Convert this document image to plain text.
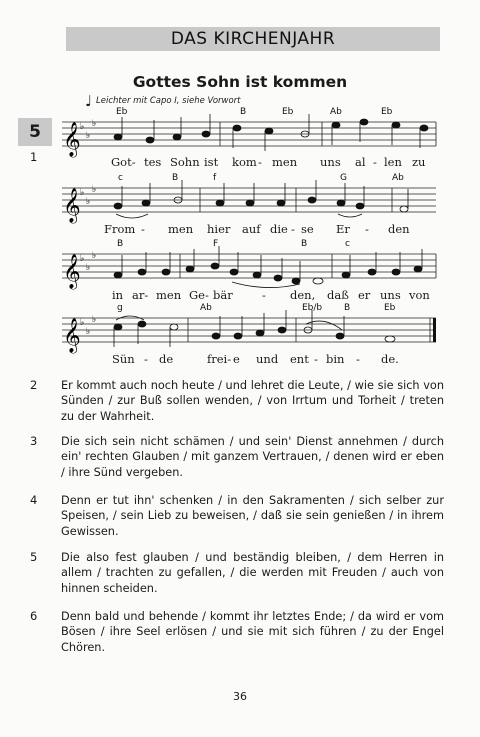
DAS KIRCHENJAHR
Gottes Sohn ist kommen
♩ Leichter mit Capo I, siehe Vorwort
5
1
Eb	B	Eb	Ab	Eb
𝄞 ♭
♭
♭
Got- tes Sohn ist kom - men uns al - len zu
c	B	f	G	Ab
𝄞 ♭
♭
♭
From - men hier auf die - se Er - den
B	F	B	c
𝄞 ♭
♭
♭
in ar- men Ge - bär	- den, daß er uns von
g	Ab	Eb/b B	Eb
𝄞 ♭
♭
♭
Sün - de	frei- e und ent - bin - de.
2 Er kommt auch noch heute / und lehret die Leute, / wie sie sich von Sünden / zur Buß sollen wenden, / von Irrtum und Torheit / treten zu der Wahrheit.
3 Die sich sein nicht schämen / und sein' Dienst annehmen / durch ein' rechten Glauben / mit ganzem Vertrauen, / denen wird er eben / ihre Sünd vergeben.
4 Denn er tut ihn' schenken / in den Sakramenten / sich selber zur Speisen, / sein Lieb zu beweisen, / daß sie sein genießen / in ihrem Gewissen.
5 Die also fest glauben / und beständig bleiben, / dem Herren in allem / trachten zu gefallen, / die werden mit Freuden / auch von hinnen scheiden.
6 Denn bald und behende / kommt ihr letztes Ende; / da wird er vom Bösen / ihre Seel erlösen / und sie mit sich führen / zu der Engel Chören.
36
